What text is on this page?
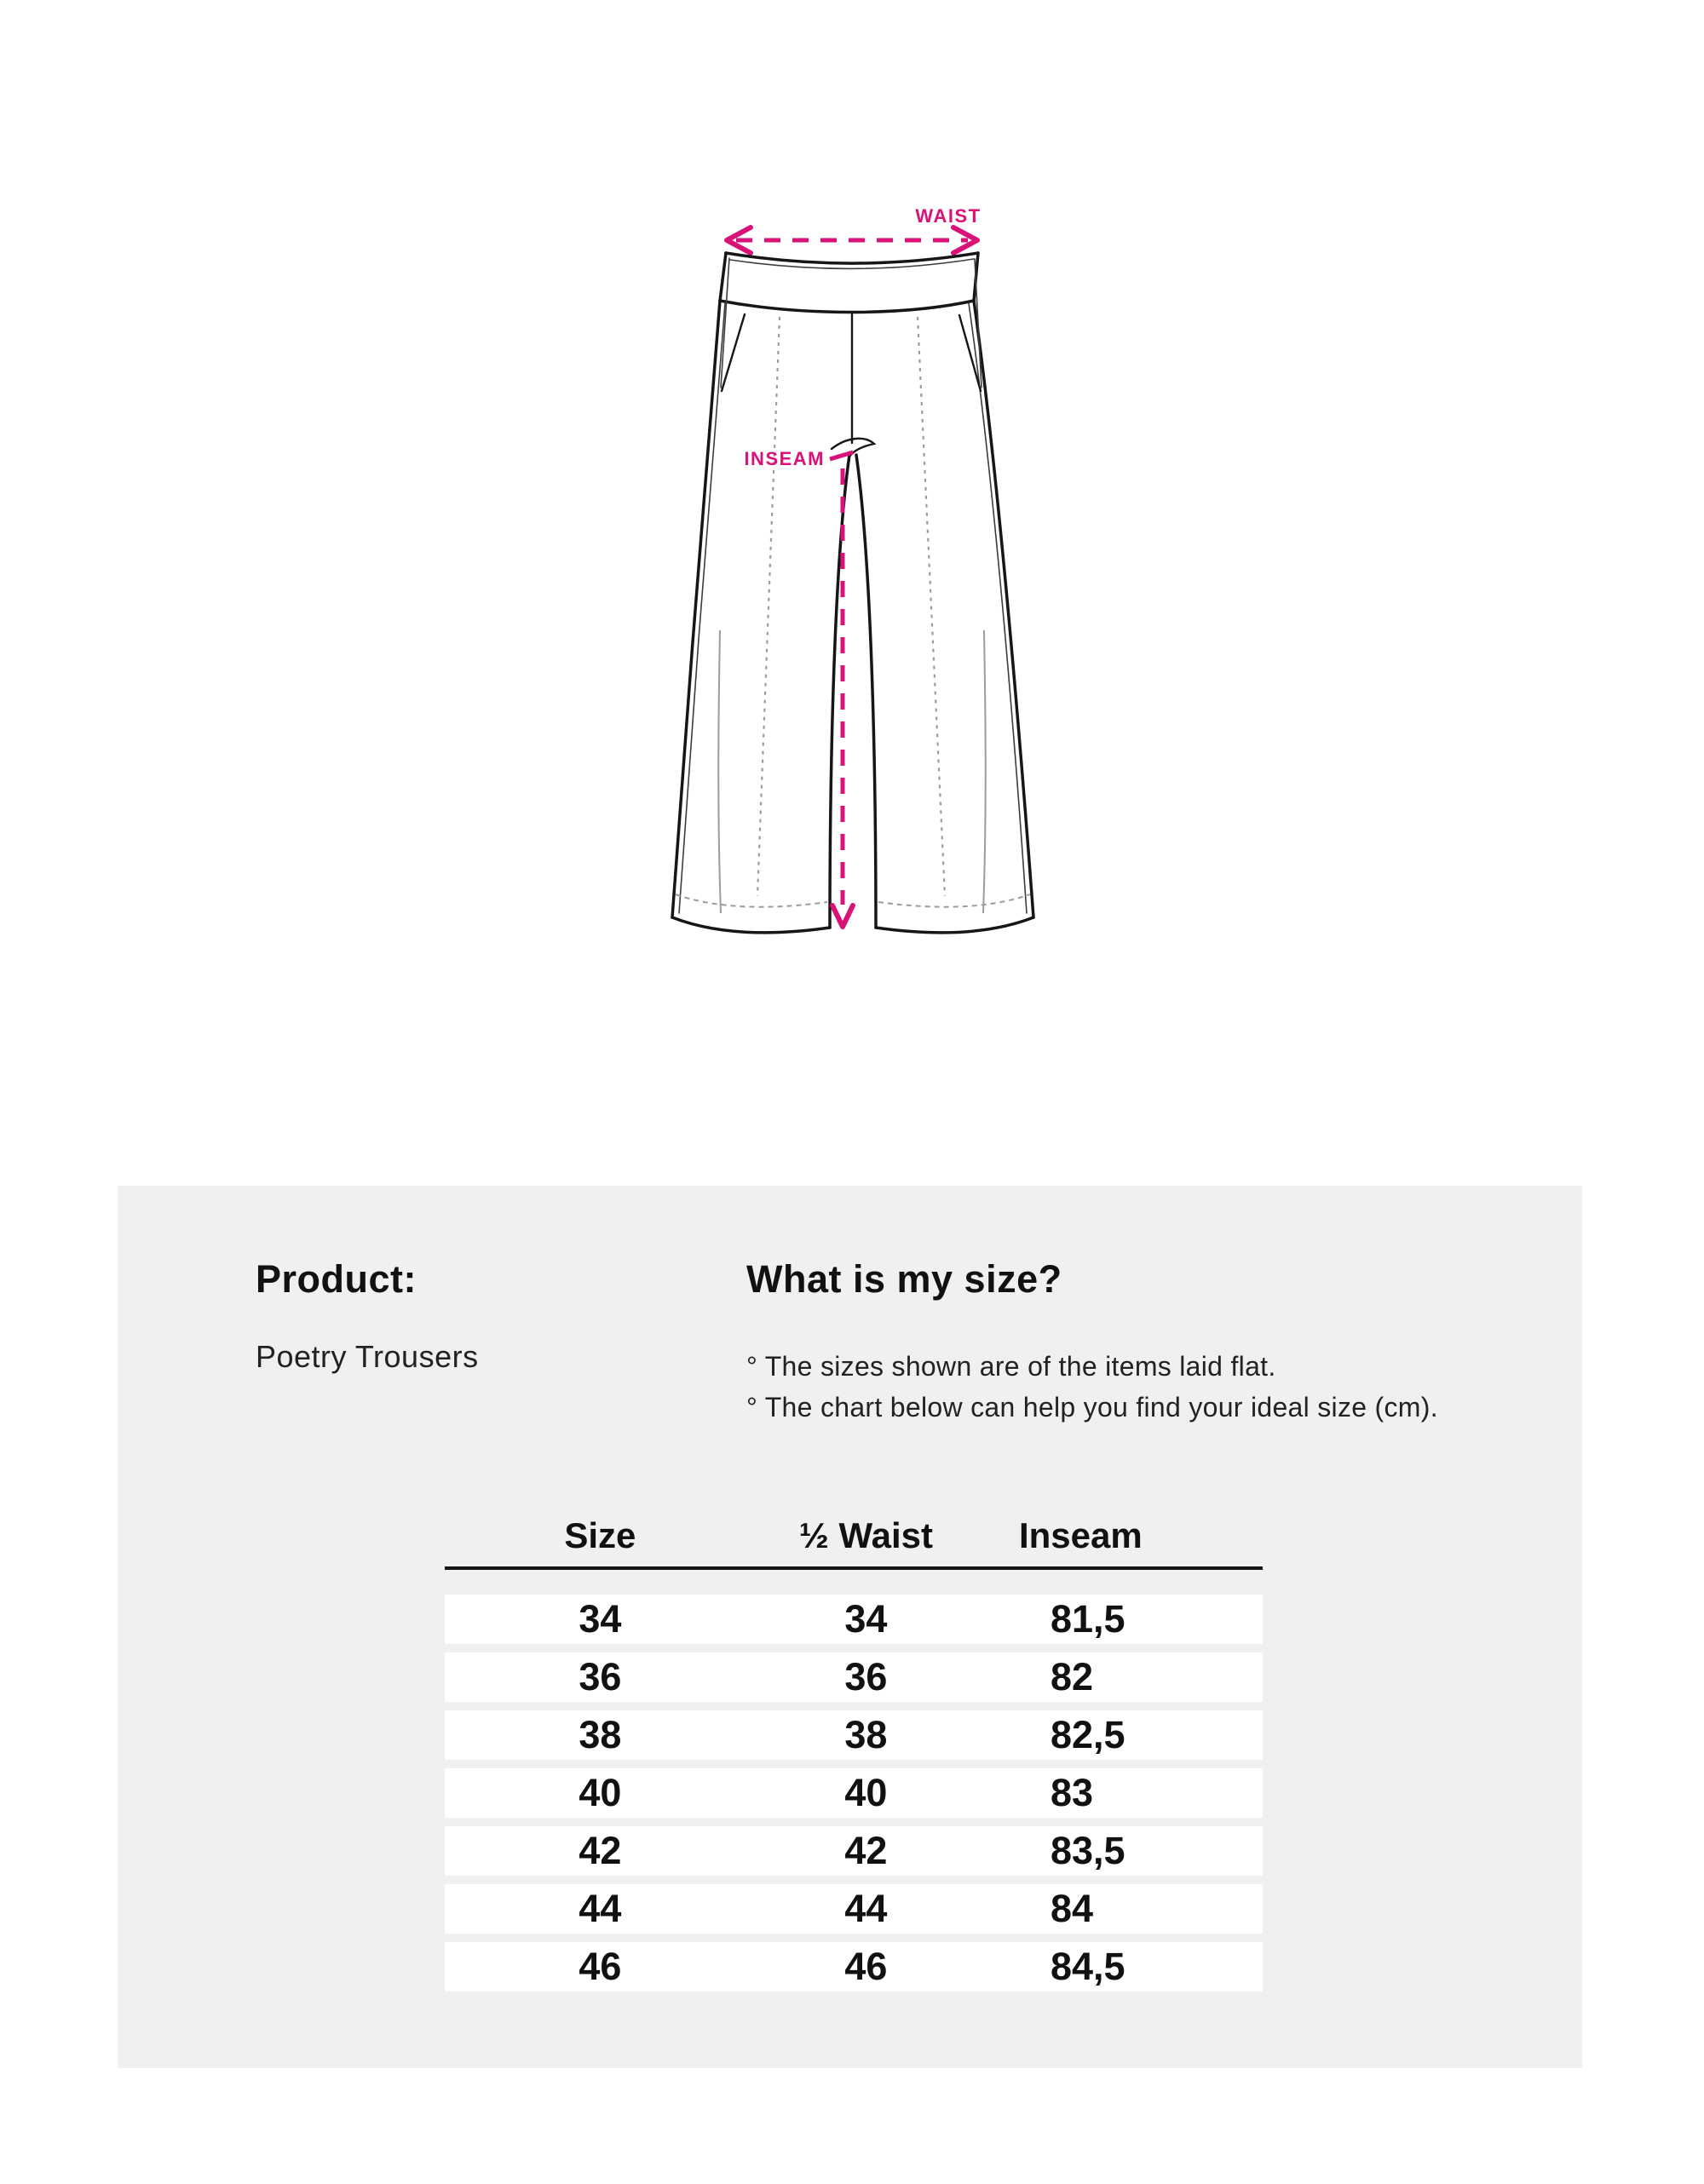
WAIST
INSEAM
Product:
Poetry Trousers
What is my size?
° The sizes shown are of the items laid flat.
° The chart below can help you find your ideal size (cm).
Size	½ Waist	Inseam
34	34	81,5
36	36	82
38	38	82,5
40	40	83
42	42	83,5
44	44	84
46	46	84,5
